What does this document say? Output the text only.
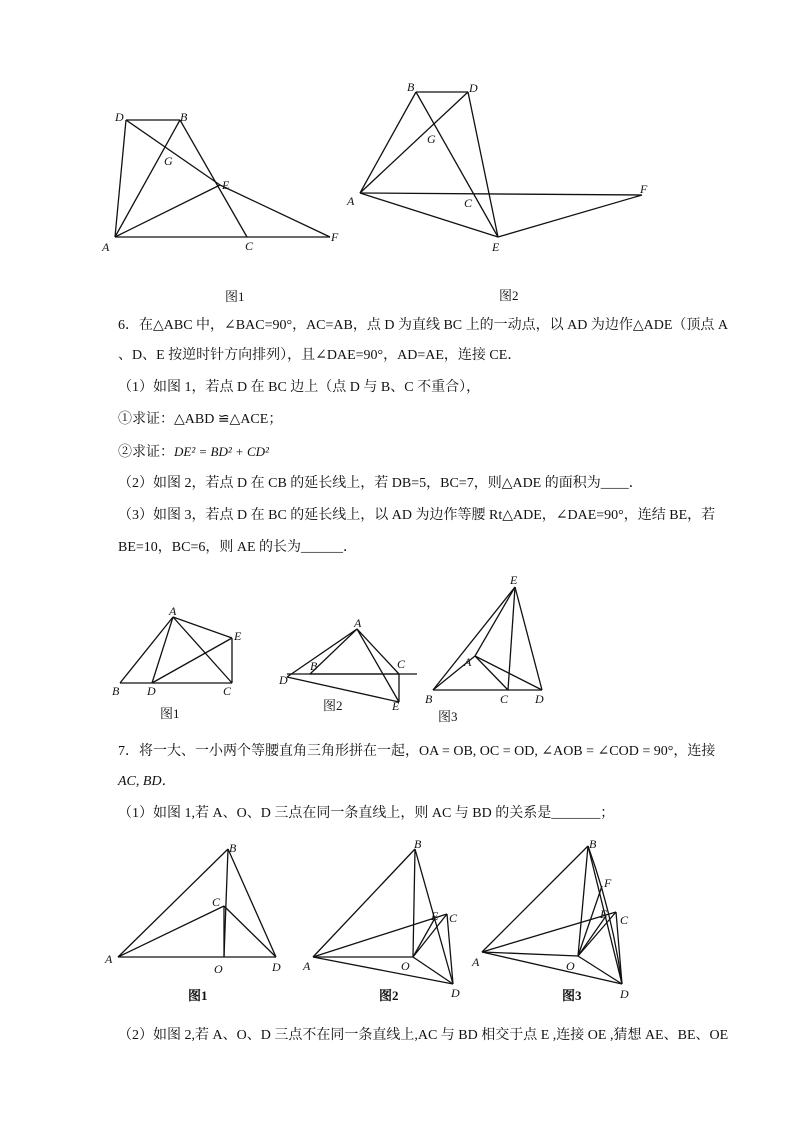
D	B
G
E
A	C
F
图1
B	D
G
A	C
F
E
图2
6．在△ABC 中，∠BAC=90°，AC=AB，点 D 为直线 BC 上的一动点，以 AD 为边作△ADE（顶点 A
、D、E 按逆时针方向排列），且∠DAE=90°，AD=AE，连接 CE．
（1）如图 1，若点 D 在 BC 边上（点 D 与 B、C 不重合），
①求证：△ABD ≌△ACE；
②求证：DE² = BD² + CD²
（2）如图 2，若点 D 在 CB 的延长线上，若 DB=5，BC=7，则△ADE 的面积为____．
（3）如图 3，若点 D 在 BC 的延长线上，以 AD 为边作等腰 Rt△ADE，∠DAE=90°，连结 BE，若
BE=10，BC=6，则 AE 的长为______．
A
E
B D	C
图1
A
B	C
D
E
图2
E
A
B	C D
图3
7．将一大、一小两个等腰直角三角形拼在一起，OA = OB, OC = OD, ∠AOB = ∠COD = 90°，连接
AC, BD．
（1）如图 1,若 A、O、D 三点在同一条直线上，则 AC 与 BD 的关系是_______；
B
C
A
O	D
图1
B
E C
A	O
D
图2
B
F
E C
A	O
D
图3
（2）如图 2,若 A、O、D 三点不在同一条直线上,AC 与 BD 相交于点 E ,连接 OE ,猜想 AE、BE、OE
